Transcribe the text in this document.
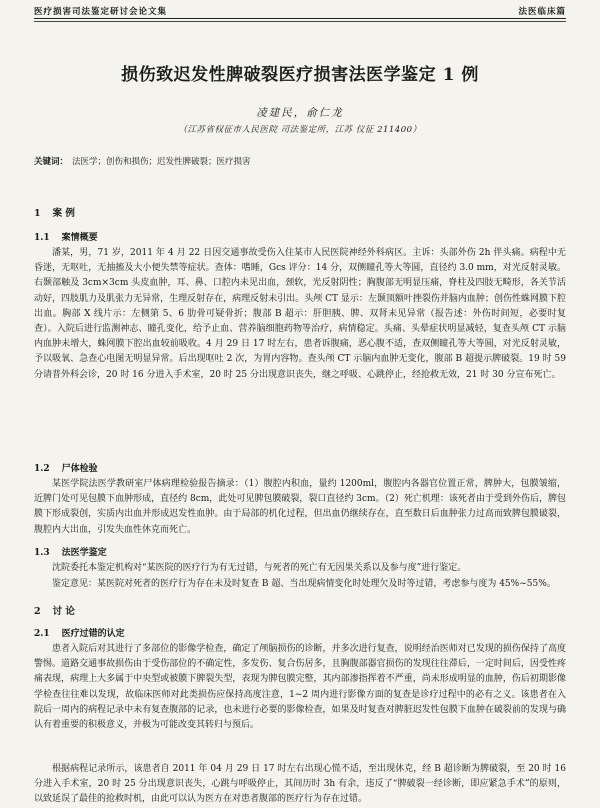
医疗损害司法鉴定研讨会论文集	法医临床篇
损伤致迟发性脾破裂医疗损害法医学鉴定 1 例
凌建民，俞仁龙
（江苏省权征市人民医院 司法鉴定所，江苏 仪征 211400）
关键词： 法医学；创伤和损伤；迟发性脾破裂；医疗损害
1 案 例
1.1 案情概要
潘某，男，71 岁，2011 年 4 月 22 日因交通事故受伤入住某市人民医院神经外科病区。主诉：头部外伤 2h 伴头痛。病程中无昏迷，无呕吐，无抽搐及大小便失禁等症状。查体：嗜睡，Gcs 评分：14 分，双侧瞳孔等大等圆，直径约 3.0 mm，对光反射灵敏。右颞部触及 3cm×3cm 头皮血肿，耳、鼻、口腔内未见出血，颈软，光反射阴性；胸腹部无明显压痛，脊柱及四肢无畸形，各关节活动好，四肢肌力及肌张力无异常，生理反射存在，病理反射未引出。头颅 CT 显示：左颞顶额叶挫裂伤并脑内血肿；创伤性蛛网膜下腔出血。胸部 X 线片示：左侧第 5、6 肋骨可疑骨折；腹部 B 超示：肝胆胰、脾、双肾未见异常（报告述：外伤时间短，必要时复查）。入院后进行监测神志、瞳孔变化，给予止血、营养脑细胞药物等治疗，病情稳定。头痛、头晕症状明显减轻，复查头颅 CT 示脑内血肿未增大，蛛网膜下腔出血较前吸收。4 月 29 日 17 时左右，患者诉腹痛，恶心腹不适，查双侧瞳孔等大等圆，对光反射灵敏，予以吸氧、急查心电图无明显异常。后出现呕吐 2 次，为胃内容物。查头颅 CT 示脑内血肿无变化，腹部 B 超提示脾破裂。19 时 59 分请普外科会诊，20 时 16 分进入手术室，20 时 25 分出现意识丧失，继之呼吸、心跳停止，经抢救无效，21 时 30 分宣布死亡。
1.2 尸体检验
某医学院法医学教研室尸体病理检验报告摘录：（1）腹腔内积血，量约 1200ml，腹腔内各器官位置正常，脾肿大，包膜皱缩，近脾门处可见包膜下血肿形成，直径约 8cm，此处可见脾包膜破裂，裂口直径约 3cm。（2）死亡机理：该死者由于受到外伤后，脾包膜下形成裂创，实质内出血并形成迟发性血肿。由于局部的机化过程，但出血仍继续存在，直至数日后血肿张力过高而致脾包膜破裂，腹腔内大出血，引发失血性休克而死亡。
1.3 法医学鉴定
沈院委托本鉴定机构对“某医院的医疗行为有无过错，与死者的死亡有无因果关系以及参与度”进行鉴定。
鉴定意见：某医院对死者的医疗行为存在未及时复查 B 超、当出现病情变化时处理欠及时等过错，考虑参与度为 45%~55%。
2 讨 论
2.1 医疗过错的认定
患者入院后对其进行了多部位的影像学检查，确定了颅脑损伤的诊断，并多次进行复查，说明经治医师对已发现的损伤保持了高度警惕。道路交通事故损伤由于受伤部位的不确定性，多发伤、复合伤居多，且胸腹部器官损伤的发现往往滞后，一定时间后，因受性疼痛表现，病理上大多属于中央型或被膜下脾裂失型，表现为脾包膜完整，其内部渗指挥着不严重，尚未形成明显的血肿，伤后初期影像学检查往往难以发现，故临床医师对此类损伤应保持高度注意，1~2 周内进行影像方面的复查是诊疗过程中的必有之义。该患者在入院后一周内的病程记录中未有复查腹部的记录，也未进行必要的影像检查，如果及时复查对脾脏迟发性包膜下血肿在破裂前的发现与确认有着重要的积极意义，并极为可能改变其转归与预后。
根据病程记录所示，该患者自 2011 年 04 月 29 日 17 时左右出现心慌不适，至出现休克，经 B 超诊断为脾破裂，至 20 时 16 分进入手术室，20 时 25 分出现意识丧失，心跳与呼吸停止，其间历时 3h 有余，违反了“脾破裂一经诊断，即应紧急手术”的原则，以致延误了最佳的抢救时机，由此可以认为医方在对患者腹部的医疗行为存在过错。
